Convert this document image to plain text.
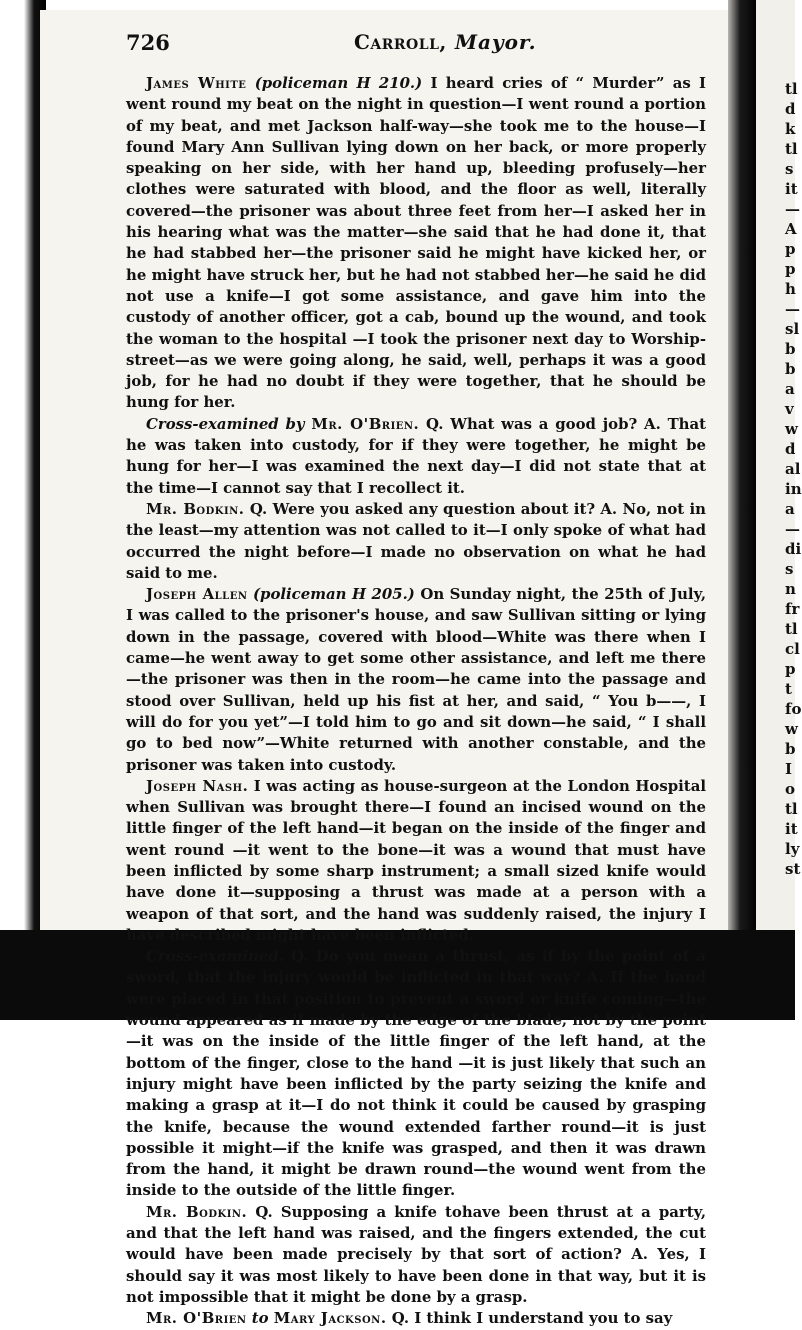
726	Carroll, Mayor.

James White (policeman H 210.) I heard cries of “ Murder” as I went round my beat on the night in question—I went round a portion of my beat, and met Jackson half-way—she took me to the house—I found Mary Ann Sullivan lying down on her back, or more properly speaking on her side, with her hand up, bleeding profusely—her clothes were saturated with blood, and the floor as well, literally covered—the prisoner was about three feet from her—I asked her in his hearing what was the matter—she said that he had done it, that he had stabbed her—the prisoner said he might have kicked her, or he might have struck her, but he had not stabbed her—he said he did not use a knife—I got some assistance, and gave him into the custody of another officer, got a cab, bound up the wound, and took the woman to the hospital —I took the prisoner next day to Worship-street—as we were going along, he said, well, perhaps it was a good job, for he had no doubt if they were together, that he should be hung for her.

Cross-examined by Mr. O'Brien. Q. What was a good job? A. That he was taken into custody, for if they were together, he might be hung for her—I was examined the next day—I did not state that at the time—I cannot say that I recollect it.

Mr. Bodkin. Q. Were you asked any question about it? A. No, not in the least—my attention was not called to it—I only spoke of what had occurred the night before—I made no observation on what he had said to me.

Joseph Allen (policeman H 205.) On Sunday night, the 25th of July, I was called to the prisoner's house, and saw Sullivan sitting or lying down in the passage, covered with blood—White was there when I came—he went away to get some other assistance, and left me there—the prisoner was then in the room—he came into the passage and stood over Sullivan, held up his fist at her, and said, “ You b——, I will do for you yet”—I told him to go and sit down—he said, “ I shall go to bed now”—White returned with another constable, and the prisoner was taken into custody.

Joseph Nash. I was acting as house-surgeon at the London Hospital when Sullivan was brought there—I found an incised wound on the little finger of the left hand—it began on the inside of the finger and went round —it went to the bone—it was a wound that must have been inflicted by some sharp instrument; a small sized knife would have done it—supposing a thrust was made at a person with a weapon of that sort, and the hand was suddenly raised, the injury I have described might have been inflicted.

Cross-examined. Q. Do you mean a thrust, as if by the point of a sword, that the injury would be inflicted in that way? A. If the hand were placed in that position to prevent a sword or knife coming—the wound appeared as if made by the edge of the blade, not by the point—it was on the inside of the little finger of the left hand, at the bottom of the finger, close to the hand —it is just likely that such an injury might have been inflicted by the party seizing the knife and making a grasp at it—I do not think it could be caused by grasping the knife, because the wound extended farther round—it is just possible it might—if the knife was grasped, and then it was drawn from the hand, it might be drawn round—the wound went from the inside to the outside of the little finger.

Mr. Bodkin. Q. Supposing a knife tohave been thrust at a party, and that the left hand was raised, and the fingers extended, the cut would have been made precisely by that sort of action? A. Yes, I should say it was most likely to have been done in that way, but it is not impossible that it might be done by a grasp.

Mr. O'Brien to Mary Jackson. Q. I think I understand you to say

tl
d
k
tl
s
it
—
A
p
p
h
—
sl
b
b
a
v
w
d
al
in
a
—
di
s
n
fr
tl
cl
p
t
fo
w
b
I
o
tl
it
ly
st
